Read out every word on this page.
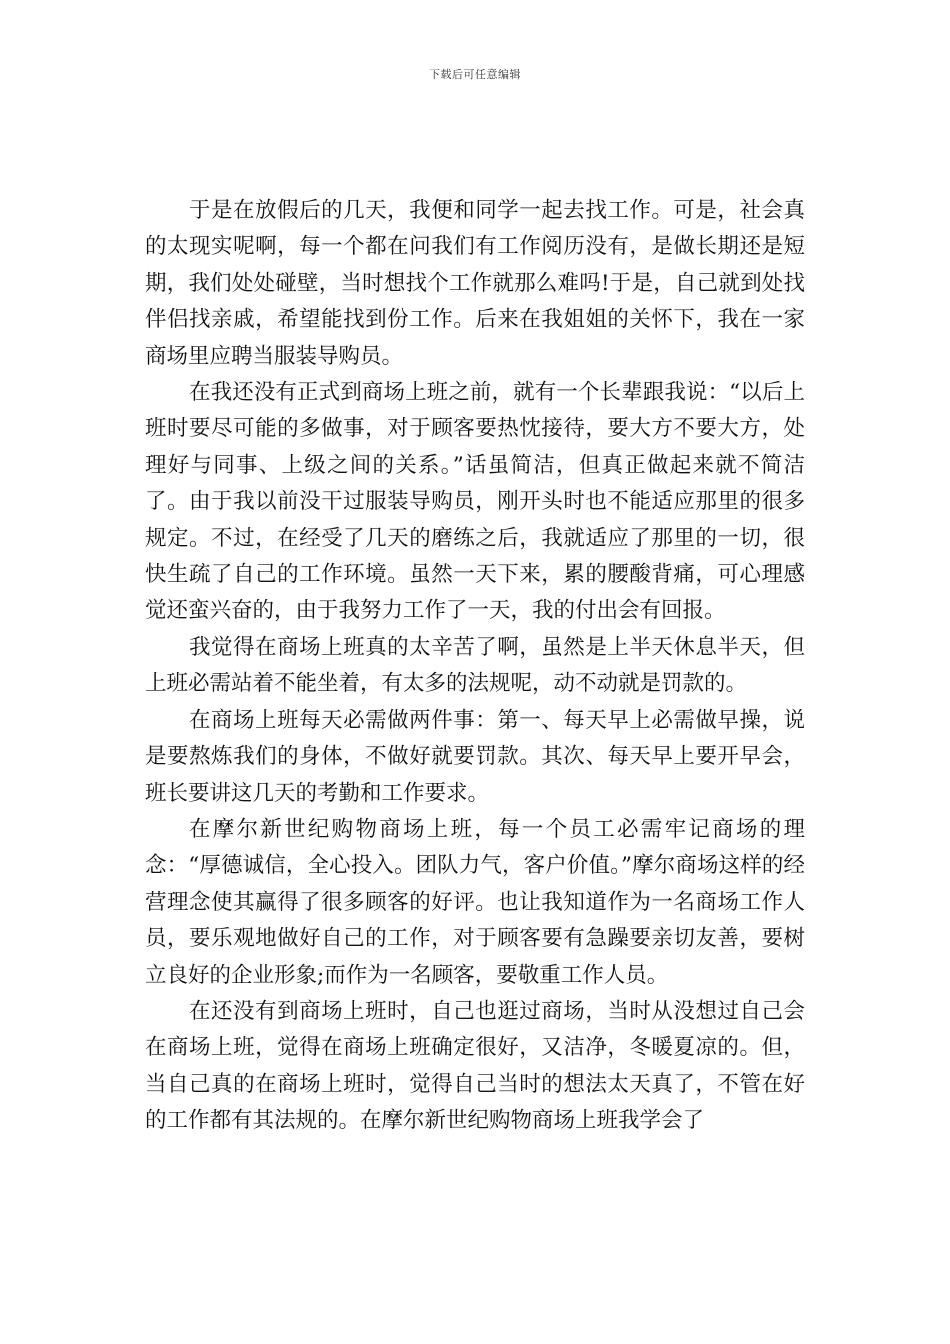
下载后可任意编辑

于是在放假后的几天，我便和同学一起去找工作。可是，社会真的太现实呢啊，每一个都在问我们有工作阅历没有，是做长期还是短期，我们处处碰壁，当时想找个工作就那么难吗!于是，自己就到处找伴侣找亲戚，希望能找到份工作。后来在我姐姐的关怀下，我在一家商场里应聘当服装导购员。

在我还没有正式到商场上班之前，就有一个长辈跟我说：“以后上班时要尽可能的多做事，对于顾客要热忱接待，要大方不要大方，处理好与同事、上级之间的关系。”话虽简洁，但真正做起来就不简洁了。由于我以前没干过服装导购员，刚开头时也不能适应那里的很多规定。不过，在经受了几天的磨练之后，我就适应了那里的一切，很快生疏了自己的工作环境。虽然一天下来，累的腰酸背痛，可心理感觉还蛮兴奋的，由于我努力工作了一天，我的付出会有回报。

我觉得在商场上班真的太辛苦了啊，虽然是上半天休息半天，但上班必需站着不能坐着，有太多的法规呢，动不动就是罚款的。

在商场上班每天必需做两件事：第一、每天早上必需做早操，说是要熬炼我们的身体，不做好就要罚款。其次、每天早上要开早会，班长要讲这几天的考勤和工作要求。

在摩尔新世纪购物商场上班，每一个员工必需牢记商场的理念：“厚德诚信，全心投入。团队力气，客户价值。”摩尔商场这样的经营理念使其赢得了很多顾客的好评。也让我知道作为一名商场工作人员，要乐观地做好自己的工作，对于顾客要有急躁要亲切友善，要树立良好的企业形象;而作为一名顾客，要敬重工作人员。

在还没有到商场上班时，自己也逛过商场，当时从没想过自己会在商场上班，觉得在商场上班确定很好，又洁净，冬暖夏凉的。但，当自己真的在商场上班时，觉得自己当时的想法太天真了，不管在好的工作都有其法规的。在摩尔新世纪购物商场上班我学会了
